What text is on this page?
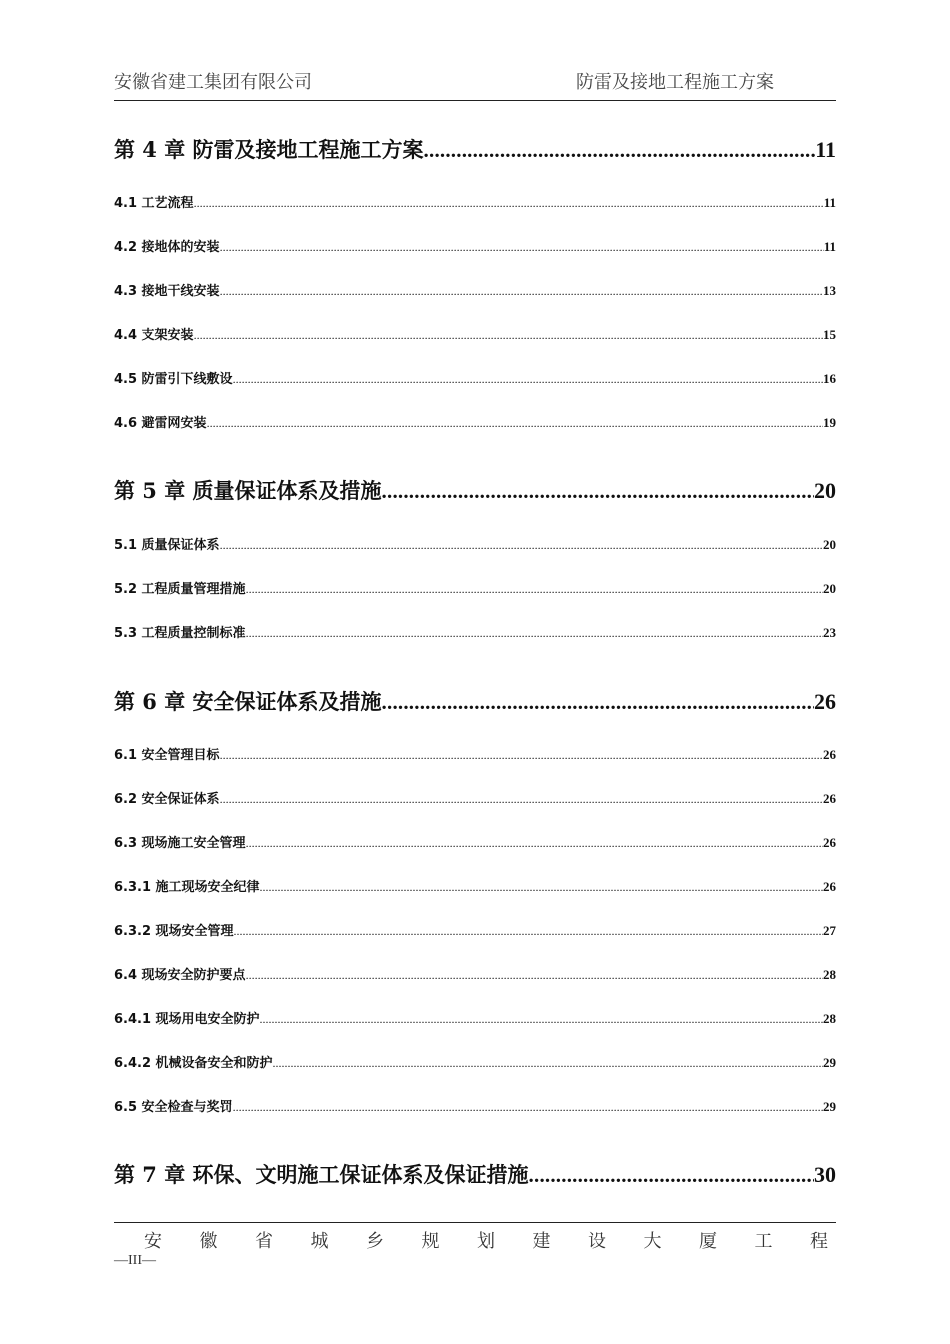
安徽省建工集团有限公司	防雷及接地工程施工方案
第 4 章 防雷及接地工程施工方案 .....	11
4.1 工艺流程 .....	11
4.2 接地体的安装 .....	11
4.3 接地干线安装 .....	13
4.4 支架安装 .....	15
4.5 防雷引下线敷设 .....	16
4.6 避雷网安装 .....	19
第 5 章 质量保证体系及措施 .....	20
5.1 质量保证体系 .....	20
5.2 工程质量管理措施 .....	20
5.3 工程质量控制标准 .....	23
第 6 章 安全保证体系及措施 .....	26
6.1 安全管理目标 .....	26
6.2 安全保证体系 .....	26
6.3 现场施工安全管理 .....	26
6.3.1 施工现场安全纪律 .....	26
6.3.2 现场安全管理 .....	27
6.4 现场安全防护要点 .....	28
6.4.1 现场用电安全防护 .....	28
6.4.2 机械设备安全和防护 .....	29
6.5 安全检查与奖罚 .....	29
第 7 章 环保、文明施工保证体系及保证措施 .....	30
安 徽 省 城 乡 规 划 建 设 大 厦 工 程
—III—
